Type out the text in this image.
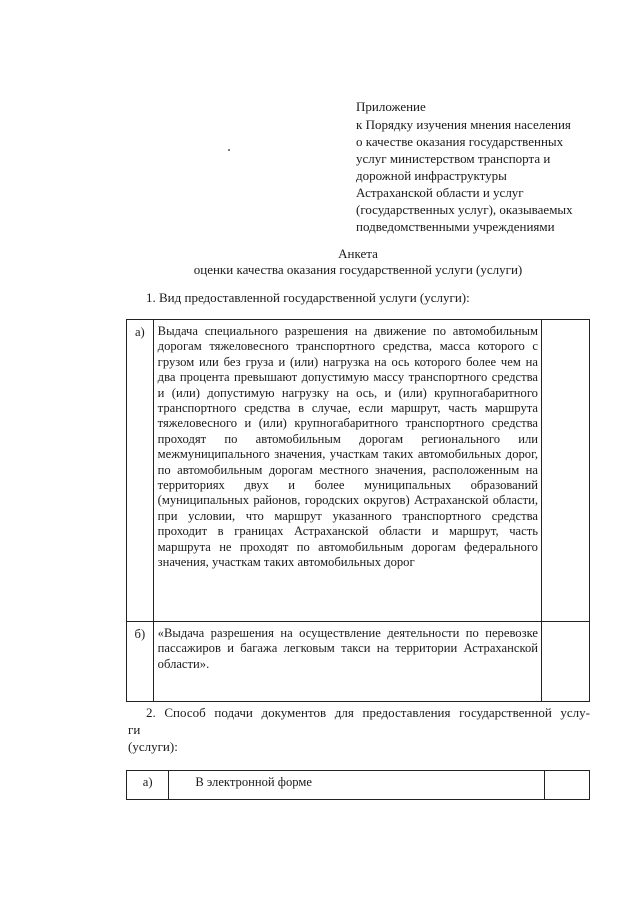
Приложение
к Порядку изучения мнения населения
о качестве оказания государственных
услуг министерством транспорта и
дорожной инфраструктуры
Астраханской области и услуг
(государственных услуг), оказываемых
подведомственными учреждениями
Анкета
оценки качества оказания государственной услуги (услуги)
1. Вид предоставленной государственной услуги (услуги):
а)	Выдача специального разрешения на движение по автомобильным дорогам тяжеловесного транспортного средства, масса которого с грузом или без груза и (или) нагрузка на ось которого более чем на два процента превышают допустимую массу транспортного средства и (или) допустимую нагрузку на ось, и (или) крупногабаритного транспортного средства в случае, если маршрут, часть маршрута тяжеловесного и (или) крупногабаритного транспортного средства проходят по автомобильным дорогам регионального или межмуниципального значения, участкам таких автомобильных дорог, по автомобильным дорогам местного значения, расположенным на территориях двух и более муниципальных образований (муниципальных районов, городских округов) Астраханской области, при условии, что маршрут указанного транспортного средства проходит в границах Астраханской области и маршрут, часть маршрута не проходят по автомобильным дорогам федерального значения, участкам таких автомобильных дорог	
б)	«Выдача разрешения на осуществление деятельности по перевозке пассажиров и багажа легковым такси на территории Астраханской области».	
2. Способ подачи документов для предоставления государственной услу-
ги
(услуги):
а)	В электронной форме	
